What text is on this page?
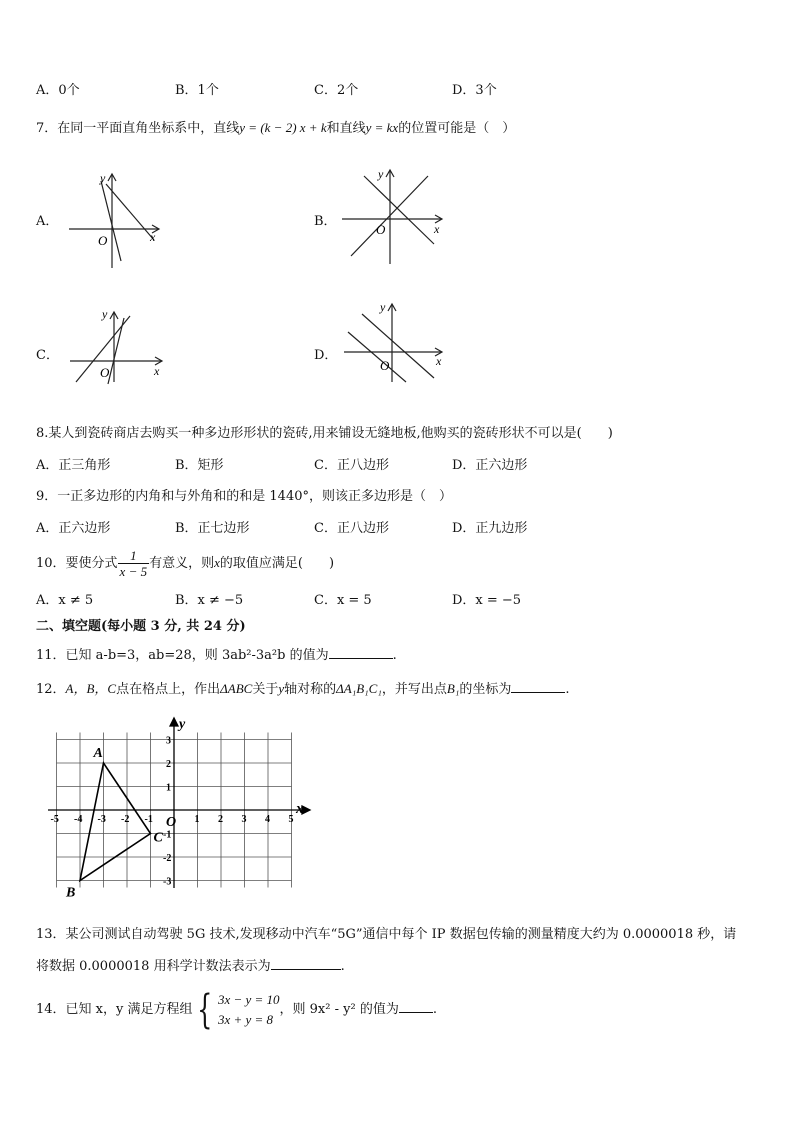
A．0个	B．1个	C．2个	D．3个
7．在同一平面直角坐标系中，直线y = (k − 2) x + k和直线y = kx的位置可能是（　）
A．	B．
C．	D．
y
x
O
y
x
O
y
x
O
y
x
O
8.某人到瓷砖商店去购买一种多边形形状的瓷砖,用来铺设无缝地板,他购买的瓷砖形状不可以是(　　)
A．正三角形	B．矩形	C．正八边形	D．正六边形
9．一正多边形的内角和与外角和的和是 1440°，则该正多边形是（　）
A．正六边形	B．正七边形	C．正八边形	D．正九边形
10．要使分式 $\frac{1}{x - 5}$ 有意义，则x的取值应满足(　　)
A．x ≠ 5	B．x ≠ −5	C．x = 5	D．x = −5
二、填空题(每小题 3 分, 共 24 分)
11．已知 a-b=3，ab=28，则 3ab²-3a²b 的值为	.
12．A，B，C点在格点上，作出ΔABC关于y轴对称的ΔA₁B₁C₁，并写出点B₁的坐标为	.
-5 -4 -3 -2 -1	1 2 3 4 5
3
2
1
-1
-2
-3
A
B
C
O
x
y
13．某公司测试自动驾驶 5G 技术,发现移动中汽车“5G”通信中每个 IP 数据包传输的测量精度大约为 0.0000018 秒，请
将数据 0.0000018 用科学计数法表示为	.
14．已知 x，y 满足方程组 { 3x − y = 10
3x + y = 8
，则 9x² - y² 的值为	.
